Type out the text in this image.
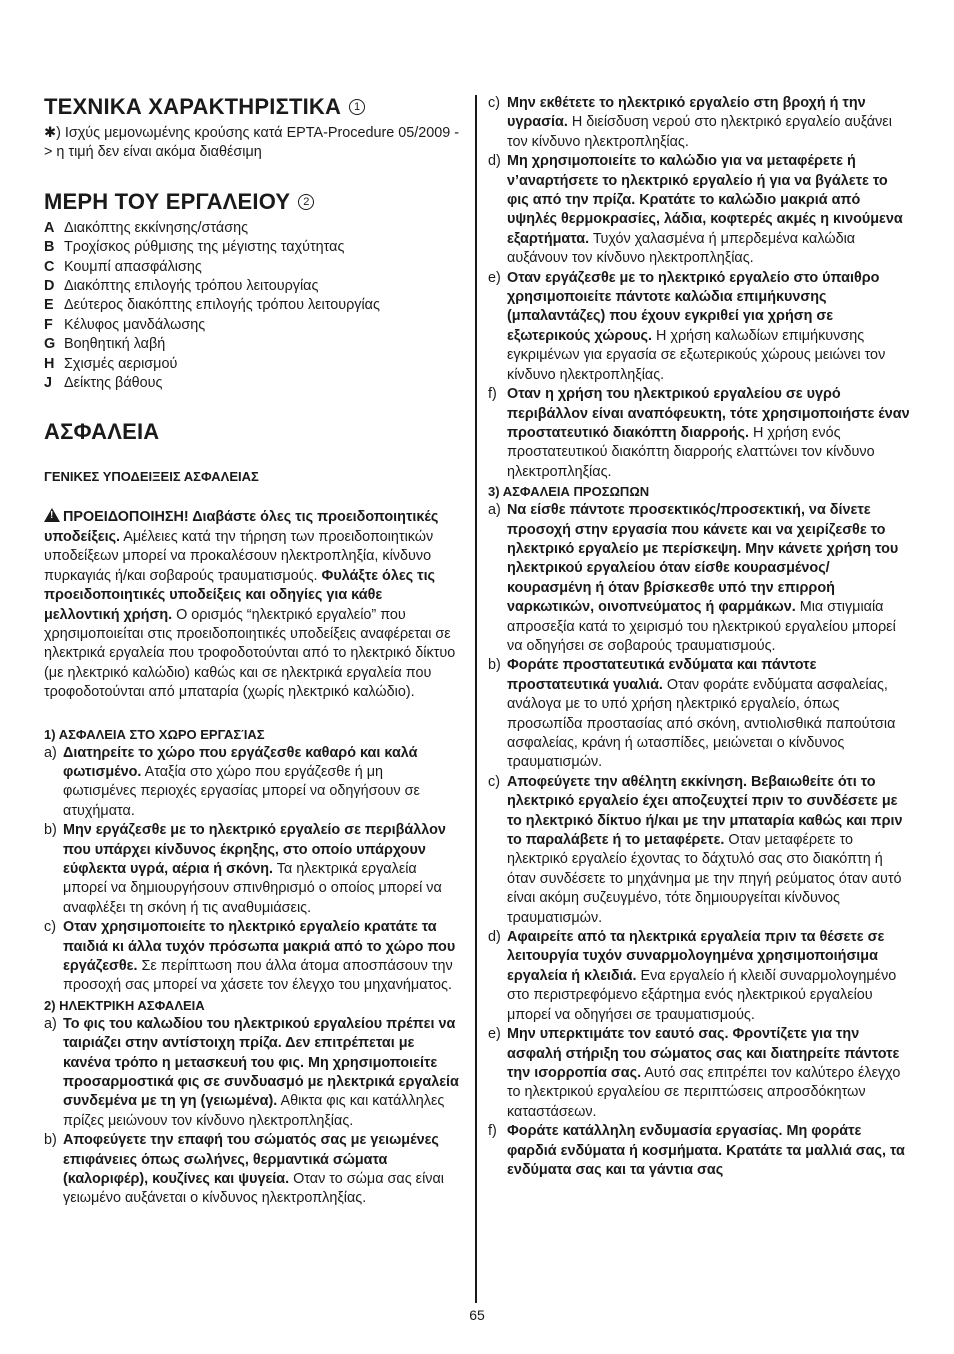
ΤΕΧΝΙΚΑ ΧΑΡΑΚΤΗΡΙΣΤΙΚΑ	1

✱) Ισχύς μεμονωμένης κρούσης κατά EPTA-Procedure 05/2009 -> η τιμή δεν είναι ακόμα διαθέσιμη

ΜΕΡΗ ΤΟΥ ΕΡΓΑΛΕΙΟΥ	2
A Διακόπτης εκκίνησης/στάσης
B Τροχίσκος ρύθμισης της μέγιστης ταχύτητας
C Κουμπί απασφάλισης
D Διακόπτης επιλογής τρόπου λειτουργίας
E Δεύτερος διακόπτης επιλογής τρόπου λειτουργίας
F Κέλυφος μανδάλωσης
G Βοηθητική λαβή
H Σχισμές αερισμού
J Δείκτης βάθους
ΑΣΦΑΛΕΙΑ

ΓΕΝΙΚΕΣ ΥΠΟΔΕΙΞΕΙΣ ΑΣΦΑΛΕΙΑΣ

!ΠΡΟΕΙΔΟΠΟΙΗΣΗ! Διαβάστε όλες τις προειδοποιητικές υποδείξεις. Αμέλειες κατά την τήρηση των προειδοποιητικών υποδείξεων μπορεί να προκαλέσουν ηλεκτροπληξία, κίνδυνο πυρκαγιάς ή/και σοβαρούς τραυματισμούς. Φυλάξτε όλες τις προειδοποιητικές υποδείξεις και οδηγίες για κάθε μελλοντική χρήση. Ο ορισμός “ηλεκτρικό εργαλείο” που χρησιμοποιείται στις προειδοποιητικές υποδείξεις αναφέρεται σε ηλεκτρικά εργαλεία που τροφοδοτούνται από το ηλεκτρικό δίκτυο (με ηλεκτρικό καλώδιο) καθώς και σε ηλεκτρικά εργαλεία που τροφοδοτούνται από μπαταρία (χωρίς ηλεκτρικό καλώδιο).

1) ΑΣΦΑΛΕΙΑ ΣΤΟ ΧΩΡΟ ΕΡΓΑΣΊΑΣ

a) Διατηρείτε το χώρο που εργάζεσθε καθαρό και καλά φωτισμένο. Αταξία στο χώρο που εργάζεσθε ή μη φωτισμένες περιοχές εργασίας μπορεί να οδηγήσουν σε ατυχήματα.
b) Μην εργάζεσθε με το ηλεκτρικό εργαλείο σε περιβάλλον που υπάρχει κίνδυνος έκρηξης, στο οποίο υπάρχουν εύφλεκτα υγρά, αέρια ή σκόνη. Τα ηλεκτρικά εργαλεία μπορεί να δημιουργήσουν σπινθηρισμό ο οποίος μπορεί να αναφλέξει τη σκόνη ή τις αναθυμιάσεις.
c) Οταν χρησιμοποιείτε το ηλεκτρικό εργαλείο κρατάτε τα παιδιά κι άλλα τυχόν πρόσωπα μακριά από το χώρο που εργάζεσθε. Σε περίπτωση που άλλα άτομα αποσπάσουν την προσοχή σας μπορεί να χάσετε τον έλεγχο του μηχανήματος.

2) ΗΛΕΚΤΡΙΚΗ ΑΣΦΑΛΕΙΑ

a) Το φις του καλωδίου του ηλεκτρικού εργαλείου πρέπει να ταιριάζει στην αντίστοιχη πρίζα. Δεν επιτρέπεται με κανένα τρόπο η μετασκευή του φις. Μη χρησιμοποιείτε προσαρμοστικά φις σε συνδυασμό με ηλεκτρικά εργαλεία συνδεμένα με τη γη (γειωμένα). Αθικτα φις και κατάλληλες πρίζες μειώνουν τον κίνδυνο ηλεκτροπληξίας.
b) Αποφεύγετε την επαφή του σώματός σας με γειωμένες επιφάνειες όπως σωλήνες, θερμαντικά σώματα (καλοριφέρ), κουζίνες και ψυγεία. Οταν το σώμα σας είναι γειωμένο αυξάνεται ο κίνδυνος ηλεκτροπληξίας.
c) Μην εκθέτετε το ηλεκτρικό εργαλείο στη βροχή ή την υγρασία. Η διείσδυση νερού στο ηλεκτρικό εργαλείο αυξάνει τον κίνδυνο ηλεκτροπληξίας.
d) Μη χρησιμοποιείτε το καλώδιο για να μεταφέρετε ή ν’αναρτήσετε το ηλεκτρικό εργαλείο ή για να βγάλετε το φις από την πρίζα. Κρατάτε το καλώδιο μακριά από υψηλές θερμοκρασίες, λάδια, κοφτερές ακμές η κινούμενα εξαρτήματα. Τυχόν χαλασμένα ή μπερδεμένα καλώδια αυξάνουν τον κίνδυνο ηλεκτροπληξίας.
e) Οταν εργάζεσθε με το ηλεκτρικό εργαλείο στο ύπαιθρο χρησιμοποιείτε πάντοτε καλώδια επιμήκυνσης (μπαλαντάζες) που έχουν εγκριθεί για χρήση σε εξωτερικούς χώρους. Η χρήση καλωδίων επιμήκυνσης εγκριμένων για εργασία σε εξωτερικούς χώρους μειώνει τον κίνδυνο ηλεκτροπληξίας.
f) Οταν η χρήση του ηλεκτρικού εργαλείου σε υγρό περιβάλλον είναι αναπόφευκτη, τότε χρησιμοποιήστε έναν προστατευτικό διακόπτη διαρροής. Η χρήση ενός προστατευτικού διακόπτη διαρροής ελαττώνει τον κίνδυνο ηλεκτροπληξίας.

3) ΑΣΦΑΛΕΙΑ ΠΡΟΣΩΠΩΝ

a) Να είσθε πάντοτε προσεκτικός/προσεκτική, να δίνετε προσοχή στην εργασία που κάνετε και να χειρίζεσθε το ηλεκτρικό εργαλείο με περίσκεψη. Μην κάνετε χρήση του ηλεκτρικού εργαλείου όταν είσθε κουρασμένος/κουρασμένη ή όταν βρίσκεσθε υπό την επιρροή ναρκωτικών, οινοπνεύματος ή φαρμάκων. Μια στιγμιαία απροσεξία κατά το χειρισμό του ηλεκτρικού εργαλείου μπορεί να οδηγήσει σε σοβαρούς τραυματισμούς.
b) Φοράτε προστατευτικά ενδύματα και πάντοτε προστατευτικά γυαλιά. Οταν φοράτε ενδύματα ασφαλείας, ανάλογα με το υπό χρήση ηλεκτρικό εργαλείο, όπως προσωπίδα προστασίας από σκόνη, αντιολισθικά παπούτσια ασφαλείας, κράνη ή ωτασπίδες, μειώνεται ο κίνδυνος τραυματισμών.
c) Αποφεύγετε την αθέλητη εκκίνηση. Βεβαιωθείτε ότι το ηλεκτρικό εργαλείο έχει αποζευχτεί πριν το συνδέσετε με το ηλεκτρικό δίκτυο ή/και με την μπαταρία καθώς και πριν το παραλάβετε ή το μεταφέρετε. Οταν μεταφέρετε το ηλεκτρικό εργαλείο έχοντας το δάχτυλό σας στο διακόπτη ή όταν συνδέσετε το μηχάνημα με την πηγή ρεύματος όταν αυτό είναι ακόμη συζευγμένο, τότε δημιουργείται κίνδυνος τραυματισμών.
d) Αφαιρείτε από τα ηλεκτρικά εργαλεία πριν τα θέσετε σε λειτουργία τυχόν συναρμολογημένα χρησιμοποιήσιμα εργαλεία ή κλειδιά. Ενα εργαλείο ή κλειδί συναρμολογημένο στο περιστρεφόμενο εξάρτημα ενός ηλεκτρικού εργαλείου μπορεί να οδηγήσει σε τραυματισμούς.
e) Μην υπερκτιμάτε τον εαυτό σας. Φροντίζετε για την ασφαλή στήριξη του σώματος σας και διατηρείτε πάντοτε την ισορροπία σας. Αυτό σας επιτρέπει τον καλύτερο έλεγχο το ηλεκτρικού εργαλείου σε περιπτώσεις απροσδόκητων καταστάσεων.
f) Φοράτε κατάλληλη ενδυμασία εργασίας. Μη φοράτε φαρδιά ενδύματα ή κοσμήματα. Κρατάτε τα μαλλιά σας, τα ενδύματα σας και τα γάντια σας
65
